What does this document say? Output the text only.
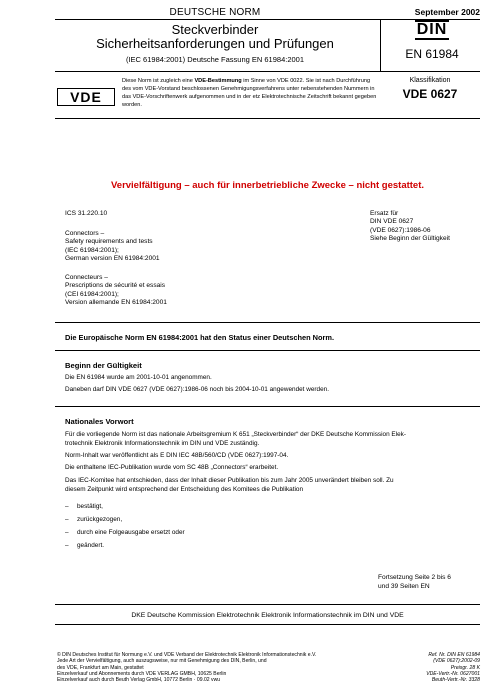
DEUTSCHE NORM	September 2002
Steckverbinder
Sicherheitsanforderungen und Prüfungen
(IEC 61984:2001) Deutsche Fassung EN 61984:2001
DIN
EN 61984
VDE
Diese Norm ist zugleich eine VDE-Bestimmung im Sinne von VDE 0022. Sie ist nach Durchführung des vom VDE-Vorstand beschlossenen Genehmigungsverfahrens unter nebenstehenden Nummern in das VDE-Vorschriftenwerk aufgenommen und in der etz Elektrotechnische Zeitschrift bekannt gegeben worden.
Klassifikation
VDE 0627
Vervielfältigung – auch für innerbetriebliche Zwecke – nicht gestattet.
ICS 31.220.10
Connectors –
Safety requirements and tests
(IEC 61984:2001);
German version EN 61984:2001
Connecteurs –
Prescriptions de sécurité et essais
(CEI 61984:2001);
Version allemande EN 61984:2001
Ersatz für
DIN VDE 0627
(VDE 0627):1986-06
Siehe Beginn der Gültigkeit
Die Europäische Norm EN 61984:2001 hat den Status einer Deutschen Norm.
Beginn der Gültigkeit
Die EN 61984 wurde am 2001-10-01 angenommen.
Daneben darf DIN VDE 0627 (VDE 0627):1986-06 noch bis 2004-10-01 angewendet werden.
Nationales Vorwort
Für die vorliegende Norm ist das nationale Arbeitsgremium K 651 „Steckverbinder“ der DKE Deutsche Kommission Elek-
trotechnik Elektronik Informationstechnik im DIN und VDE zuständig.
Norm-Inhalt war veröffentlicht als E DIN IEC 48B/560/CD (VDE 0627):1997-04.
Die enthaltene IEC-Publikation wurde vom SC 48B „Connectors“ erarbeitet.
Das IEC-Komitee hat entschieden, dass der Inhalt dieser Publikation bis zum Jahr 2005 unverändert bleiben soll. Zu
diesem Zeitpunkt wird entsprechend der Entscheidung des Komitees die Publikation
– bestätigt,
– zurückgezogen,
– durch eine Folgeausgabe ersetzt oder
– geändert.
Fortsetzung Seite 2 bis 6
und 39 Seiten EN
DKE Deutsche Kommission Elektrotechnik Elektronik Informationstechnik im DIN und VDE
© DIN Deutsches Institut für Normung e.V. und VDE Verband der Elektrotechnik Elektronik Informationstechnik e.V.
Jede Art der Vervielfältigung, auch auszugsweise, nur mit Genehmigung des DIN, Berlin, und
des VDE, Frankfurt am Main, gestattet
Einzelverkauf und Abonnements durch VDE VERLAG GMBH, 10625 Berlin
Einzelverkauf auch durch Beuth Verlag GmbH, 10772 Berlin · 09.02 vwu
Ref. Nr. DIN EN 61984
(VDE 0627):2002-09
Preisgr. 28 K
VDE-Vertr.-Nr. 0627001
Beuth-Vertr.-Nr. 3328
